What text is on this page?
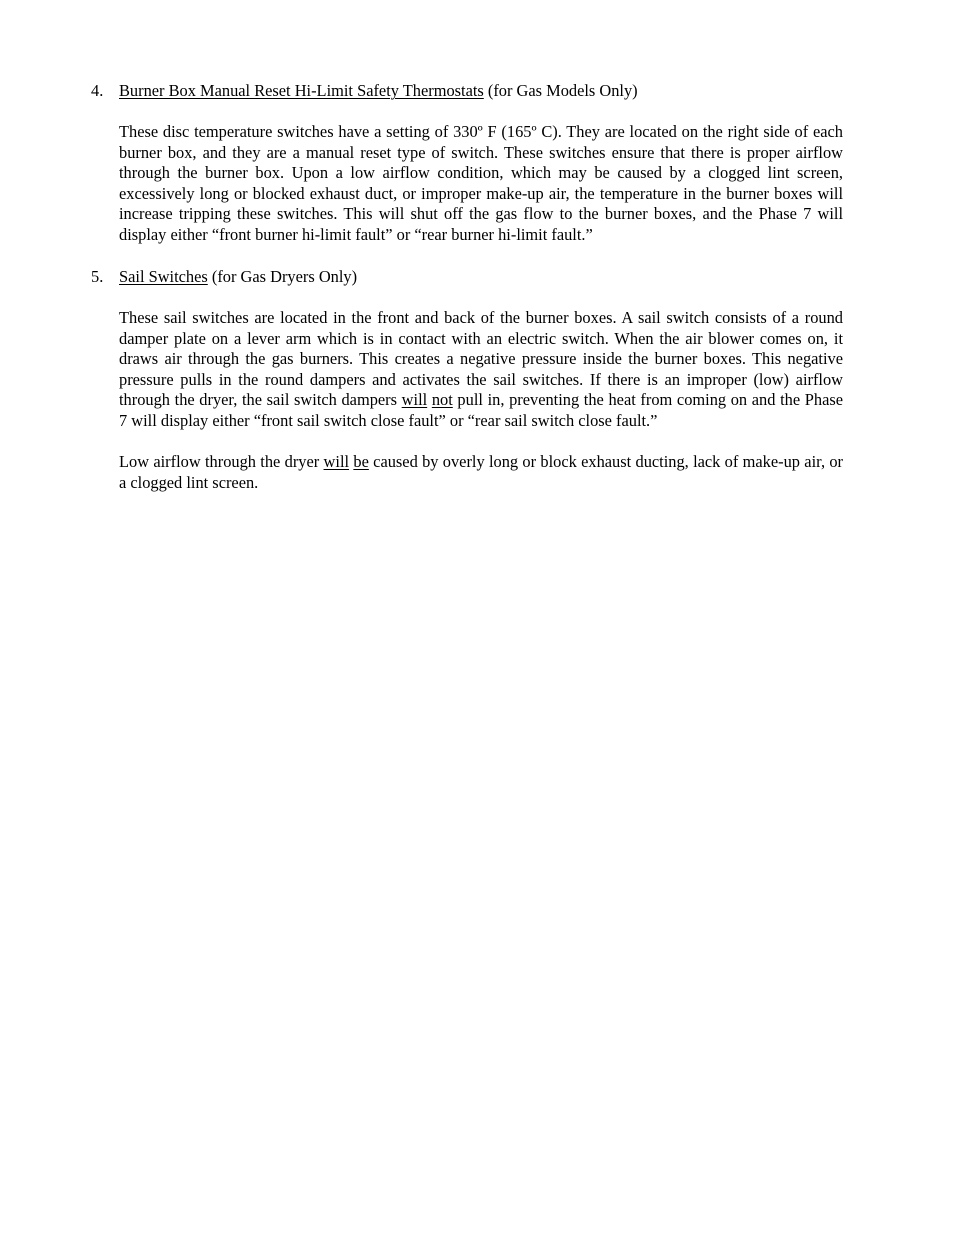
4. Burner Box Manual Reset Hi-Limit Safety Thermostats (for Gas Models Only)

These disc temperature switches have a setting of 330º F (165º C). They are located on the right side of each burner box, and they are a manual reset type of switch. These switches ensure that there is proper airflow through the burner box. Upon a low airflow condition, which may be caused by a clogged lint screen, excessively long or blocked exhaust duct, or improper make-up air, the temperature in the burner boxes will increase tripping these switches. This will shut off the gas flow to the burner boxes, and the Phase 7 will display either “front burner hi-limit fault” or “rear burner hi-limit fault.”

5. Sail Switches (for Gas Dryers Only)

These sail switches are located in the front and back of the burner boxes. A sail switch consists of a round damper plate on a lever arm which is in contact with an electric switch. When the air blower comes on, it draws air through the gas burners. This creates a negative pressure inside the burner boxes. This negative pressure pulls in the round dampers and activates the sail switches. If there is an improper (low) airflow through the dryer, the sail switch dampers will not pull in, preventing the heat from coming on and the Phase 7 will display either “front sail switch close fault” or “rear sail switch close fault.”

Low airflow through the dryer will be caused by overly long or block exhaust ducting, lack of make-up air, or a clogged lint screen.
